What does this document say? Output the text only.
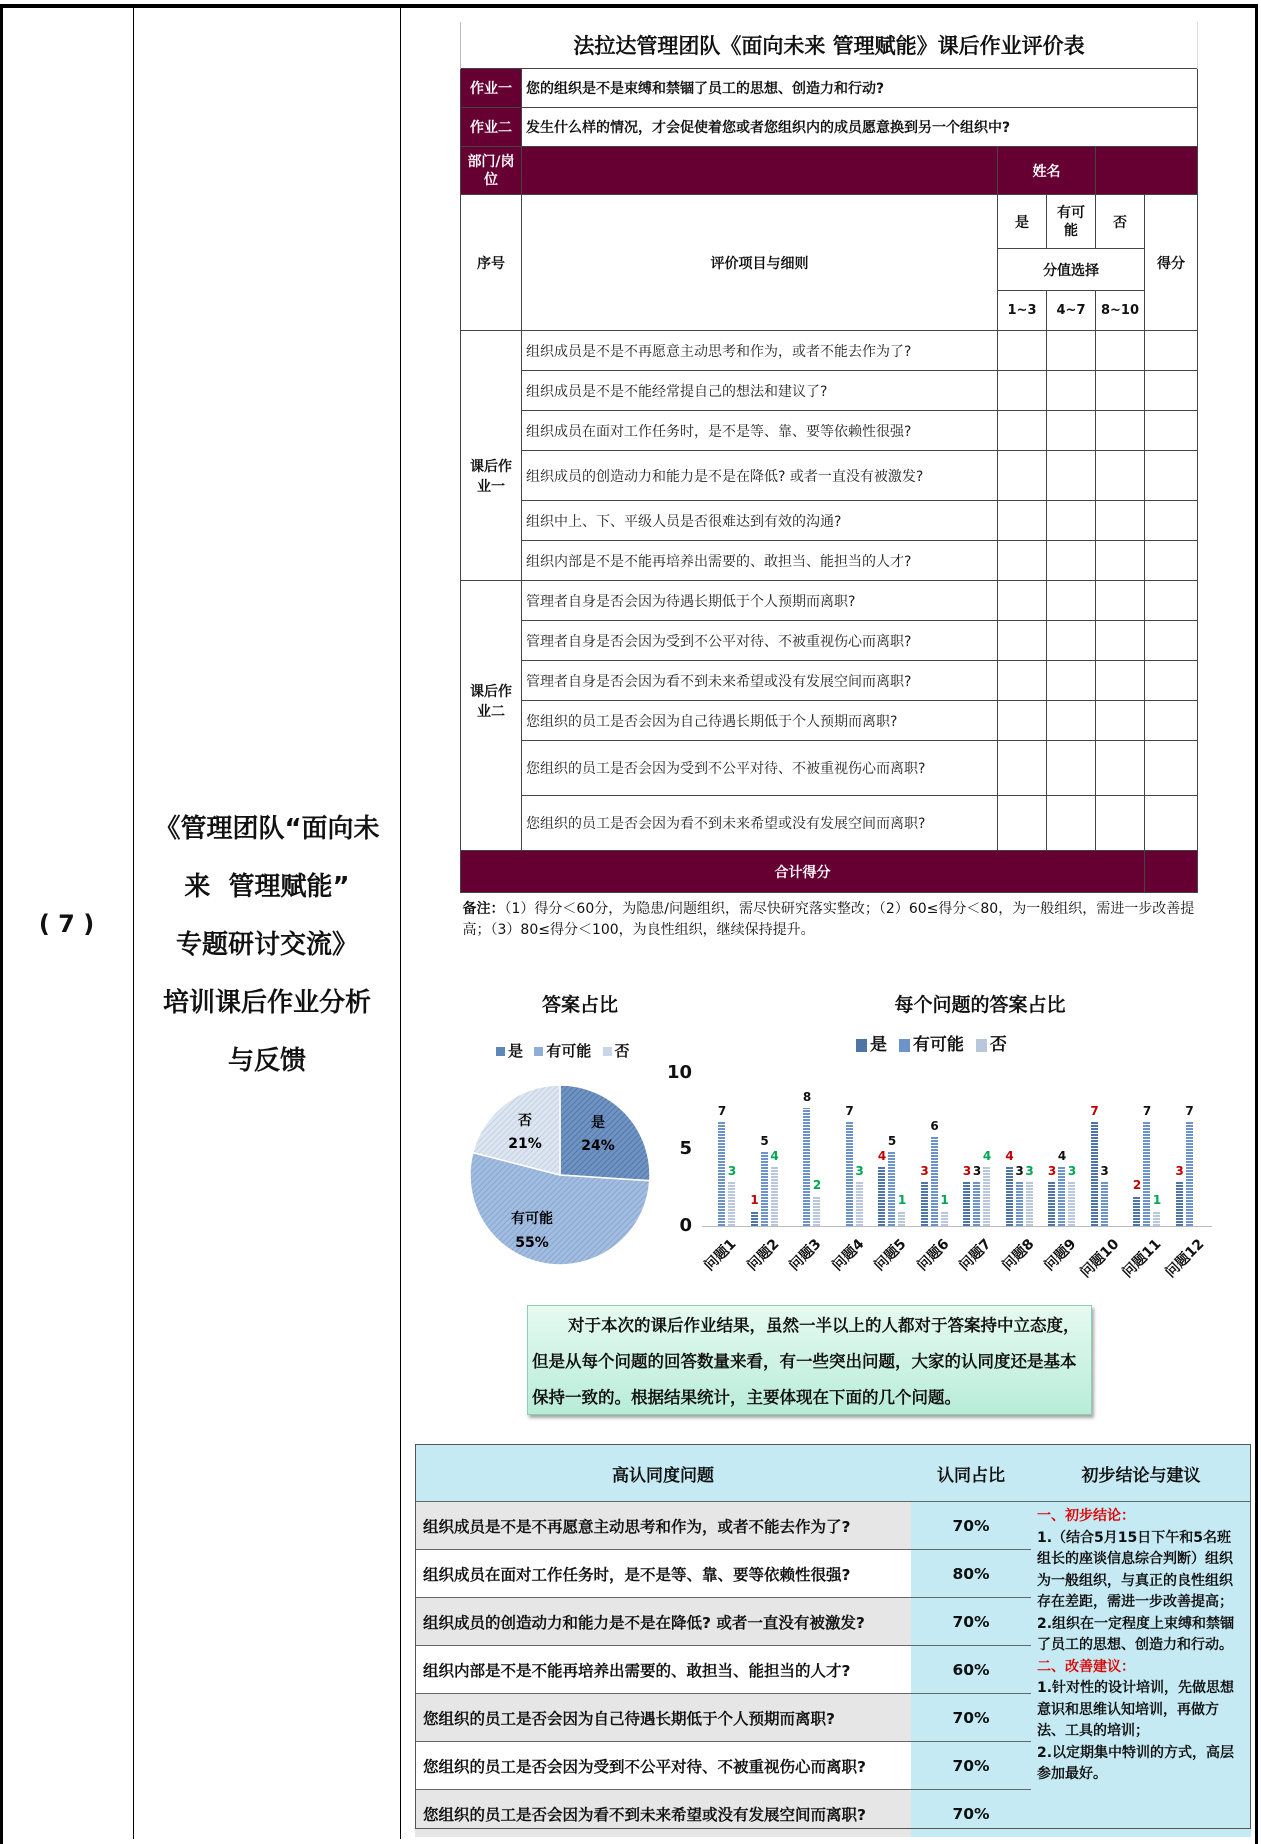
( 7 )
《管理团队“面向未
来  管理赋能”
专题研讨交流》
培训课后作业分析
与反馈
法拉达管理团队《面向未来 管理赋能》课后作业评价表					
作业一	您的组织是不是束缚和禁锢了员工的思想、创造力和行动?				
作业二	发生什么样的情况，才会促使着您或者您组织内的成员愿意换到另一个组织中?				
部门/岗位		姓名			
序号	评价项目与细则	是	有可能	否	得分
		分值选择			
		1~3	4~7	8~10	
课后作业一	组织成员是不是不再愿意主动思考和作为，或者不能去作为了?				
	组织成员是不是不能经常提自己的想法和建议了?				
	组织成员在面对工作任务时，是不是等、靠、要等依赖性很强?				
	组织成员的创造动力和能力是不是在降低? 或者一直没有被激发?				
	组织中上、下、平级人员是否很难达到有效的沟通?				
	组织内部是不是不能再培养出需要的、敢担当、能担当的人才?				
课后作业二	管理者自身是否会因为待遇长期低于个人预期而离职?				
	管理者自身是否会因为受到不公平对待、不被重视伤心而离职?				
	管理者自身是否会因为看不到未来希望或没有发展空间而离职?				
	您组织的员工是否会因为自己待遇长期低于个人预期而离职?				
	您组织的员工是否会因为受到不公平对待、不被重视伤心而离职?				
	您组织的员工是否会因为看不到未来希望或没有发展空间而离职?				
合计得分					
备注：（1）得分＜60分，为隐患/问题组织，需尽快研究落实整改；（2）60≤得分＜80，为一般组织，需进一步改善提高；（3）80≤得分＜100，为良性组织，继续保持提升。					
答案占比
是 有可能 否
是
24%
否
21%
有可能
55%
每个问题的答案占比
是 有可能 否
10
5
0
7
3
问题1
1
5
4
问题2
8
2
问题3
7
3
问题4
4
5
1
问题5
3
6
1
问题6
3 3
4
问题7
4
3 3
问题8
3
4
3
问题9
7
3
问题10
2
7
1
问题11
3
7
问题12
对于本次的课后作业结果，虽然一半以上的人都对于答案持中立态度，但是从每个问题的回答数量来看，有一些突出问题，大家的认同度还是基本保持一致的。根据结果统计，主要体现在下面的几个问题。
高认同度问题	认同占比	初步结论与建议
组织成员是不是不再愿意主动思考和作为，或者不能去作为了?	70%	
一、初步结论：
1.（结合5月15日下午和5名班组长的座谈信息综合判断）组织为一般组织，与真正的良性组织存在差距，需进一步改善提高；
2.组织在一定程度上束缚和禁锢了员工的思想、创造力和行动。
二、改善建议：
1.针对性的设计培训，先做思想意识和思维认知培训，再做方法、工具的培训；
2.以定期集中特训的方式，高层参加最好。

组织成员在面对工作任务时，是不是等、靠、要等依赖性很强?	80%	
组织成员的创造动力和能力是不是在降低? 或者一直没有被激发?	70%	
组织内部是不是不能再培养出需要的、敢担当、能担当的人才?	60%	
您组织的员工是否会因为自己待遇长期低于个人预期而离职?	70%	
您组织的员工是否会因为受到不公平对待、不被重视伤心而离职?	70%	
您组织的员工是否会因为看不到未来希望或没有发展空间而离职?	70%	
